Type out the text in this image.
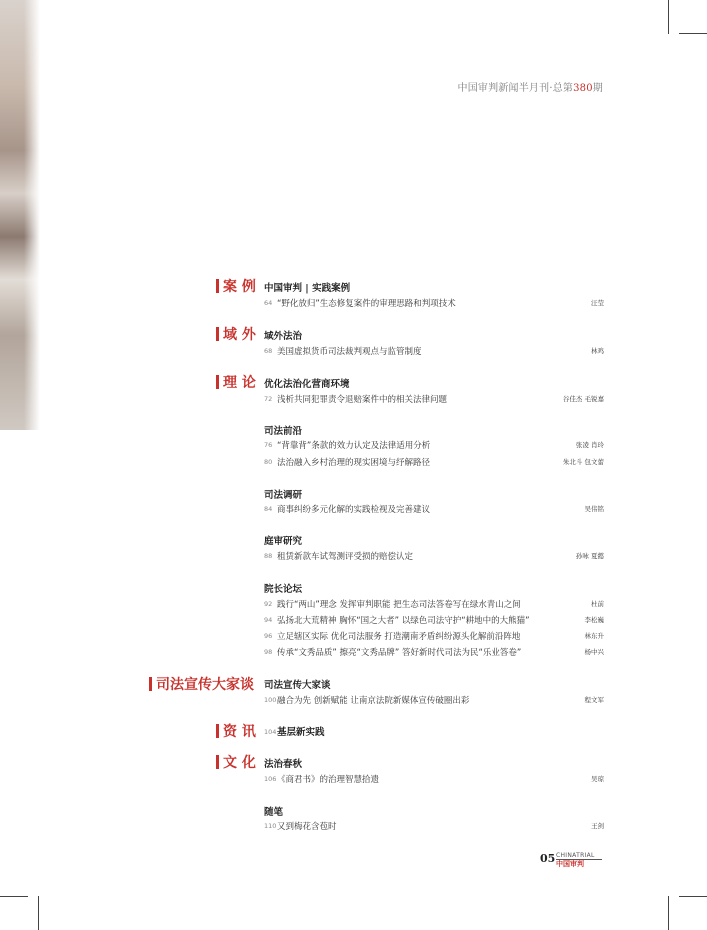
中国审判新闻半月刊·总第380期
案 例
域 外
理 论
司法宣传大家谈
资 讯
文 化
中国审判 | 实践案例
64 “野化放归”生态修复案件的审理思路和判项技术	汪莹
域外法治
68 美国虚拟货币司法裁判观点与监管制度	林鸡
优化法治化营商环境
72 浅析共同犯罪责令退赔案件中的相关法律问题	谷佳杰 毛锐嘉
司法前沿
76 “背靠背”条款的效力认定及法律适用分析	张凌 肖玲
80 法治融入乡村治理的现实困境与纾解路径	朱北斗 包文蕾
司法调研
84 商事纠纷多元化解的实践检视及完善建议	吴伟铭
庭审研究
88 租赁新款车试驾测评受损的赔偿认定	孙咏 夏懿
院长论坛
92 践行“两山”理念 发挥审判职能 把生态司法答卷写在绿水青山之间	杜前
94 弘扬北大荒精神 胸怀“国之大者” 以绿色司法守护“耕地中的大熊猫”	李松巍
96 立足辖区实际 优化司法服务 打造潮南矛盾纠纷源头化解前沿阵地	林东升
98 传承“文秀品质” 擦亮“文秀品牌” 答好新时代司法为民“乐业答卷”	杨中兴
司法宣传大家谈
100融合为先 创新赋能 让南京法院新媒体宣传破圈出彩	程文军
104基层新实践
法治春秋
106《商君书》的治理智慧拾遗	吴琼
随笔
110又到梅花含苞时	王剑
05 CHINATRIAL
中国审判
